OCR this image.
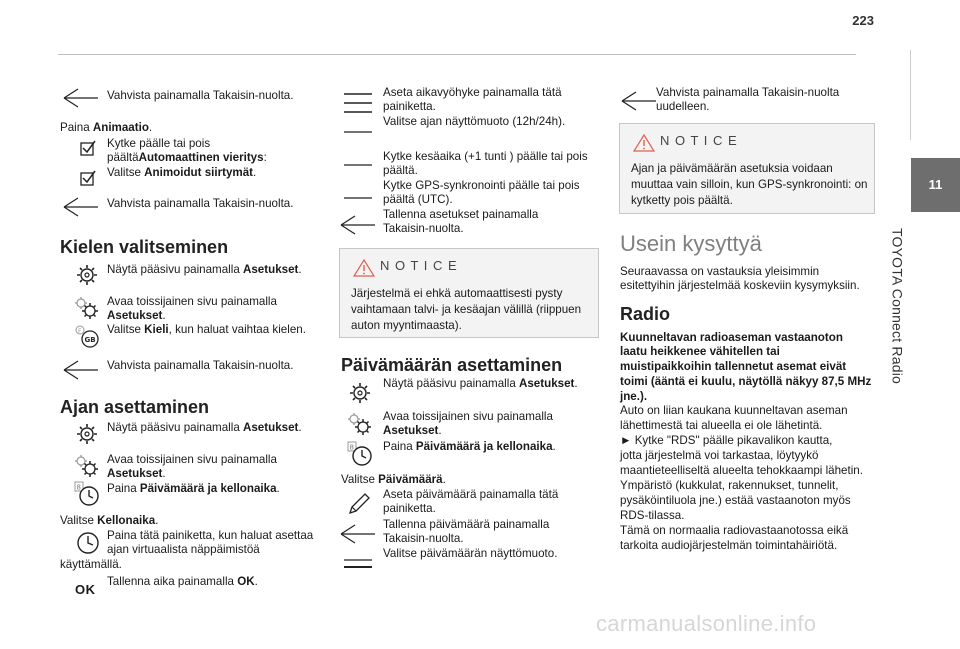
223
11
TOYOTA Connect Radio
Vahvista painamalla Takaisin-nuolta.
Paina Animaatio.
Kytke päälle tai pois
päältäAutomaattinen vieritys:
Valitse Animoidut siirtymät.
Vahvista painamalla Takaisin-nuolta.
Kielen valitseminen
Näytä pääsivu painamalla Asetukset.
Avaa toissijainen sivu painamalla
Asetukset.
F
GB
Valitse Kieli, kun haluat vaihtaa kielen.
Vahvista painamalla Takaisin-nuolta.
Ajan asettaminen
Näytä pääsivu painamalla Asetukset.
Avaa toissijainen sivu painamalla
Asetukset.
8 Paina Päivämäärä ja kellonaika.
Valitse Kellonaika.
Paina tätä painiketta, kun haluat asettaa
ajan virtuaalista näppäimistöä
käyttämällä.
OK
Tallenna aika painamalla OK.
Aseta aikavyöhyke painamalla tätä
painiketta.
Valitse ajan näyttömuoto (12h/24h).
Kytke kesäaika (+1 tunti ) päälle tai pois
päältä.
Kytke GPS-synkronointi päälle tai pois
päältä (UTC).
Tallenna asetukset painamalla
Takaisin-nuolta.
N O T I C E
Järjestelmä ei ehkä automaattisesti pysty vaihtamaan talvi- ja kesäajan välillä (riippuen auton myyntimaasta).
Päivämäärän asettaminen
Näytä pääsivu painamalla Asetukset.
Avaa toissijainen sivu painamalla
Asetukset.
8	Paina Päivämäärä ja kellonaika.
Valitse Päivämäärä.
Aseta päivämäärä painamalla tätä
painiketta.
Tallenna päivämäärä painamalla
Takaisin-nuolta.
Valitse päivämäärän näyttömuoto.
Vahvista painamalla Takaisin-nuolta
uudelleen.
N O T I C E
Ajan ja päivämäärän asetuksia voidaan muuttaa vain silloin, kun GPS-synkronointi: on kytketty pois päältä.
Usein kysyttyä
Seuraavassa on vastauksia yleisimmin
esitettyihin järjestelmää koskeviin kysymyksiin.
Radio
Kuunneltavan radioaseman vastaanoton
laatu heikkenee vähitellen tai
muistipaikkoihin tallennetut asemat eivät
toimi (ääntä ei kuulu, näytöllä näkyy 87,5 MHz
jne.).
Auto on liian kaukana kuunneltavan aseman
lähettimestä tai alueella ei ole lähetintä.
► Kytke "RDS" päälle pikavalikon kautta,
jotta järjestelmä voi tarkastaa, löytyykö
maantieteelliseltä alueelta tehokkaampi lähetin.
Ympäristö (kukkulat, rakennukset, tunnelit,
pysäköintiluola jne.) estää vastaanoton myös
RDS-tilassa.
Tämä on normaalia radiovastaanotossa eikä
tarkoita audiojärjestelmän toimintahäiriötä.
carmanualsonline.info
